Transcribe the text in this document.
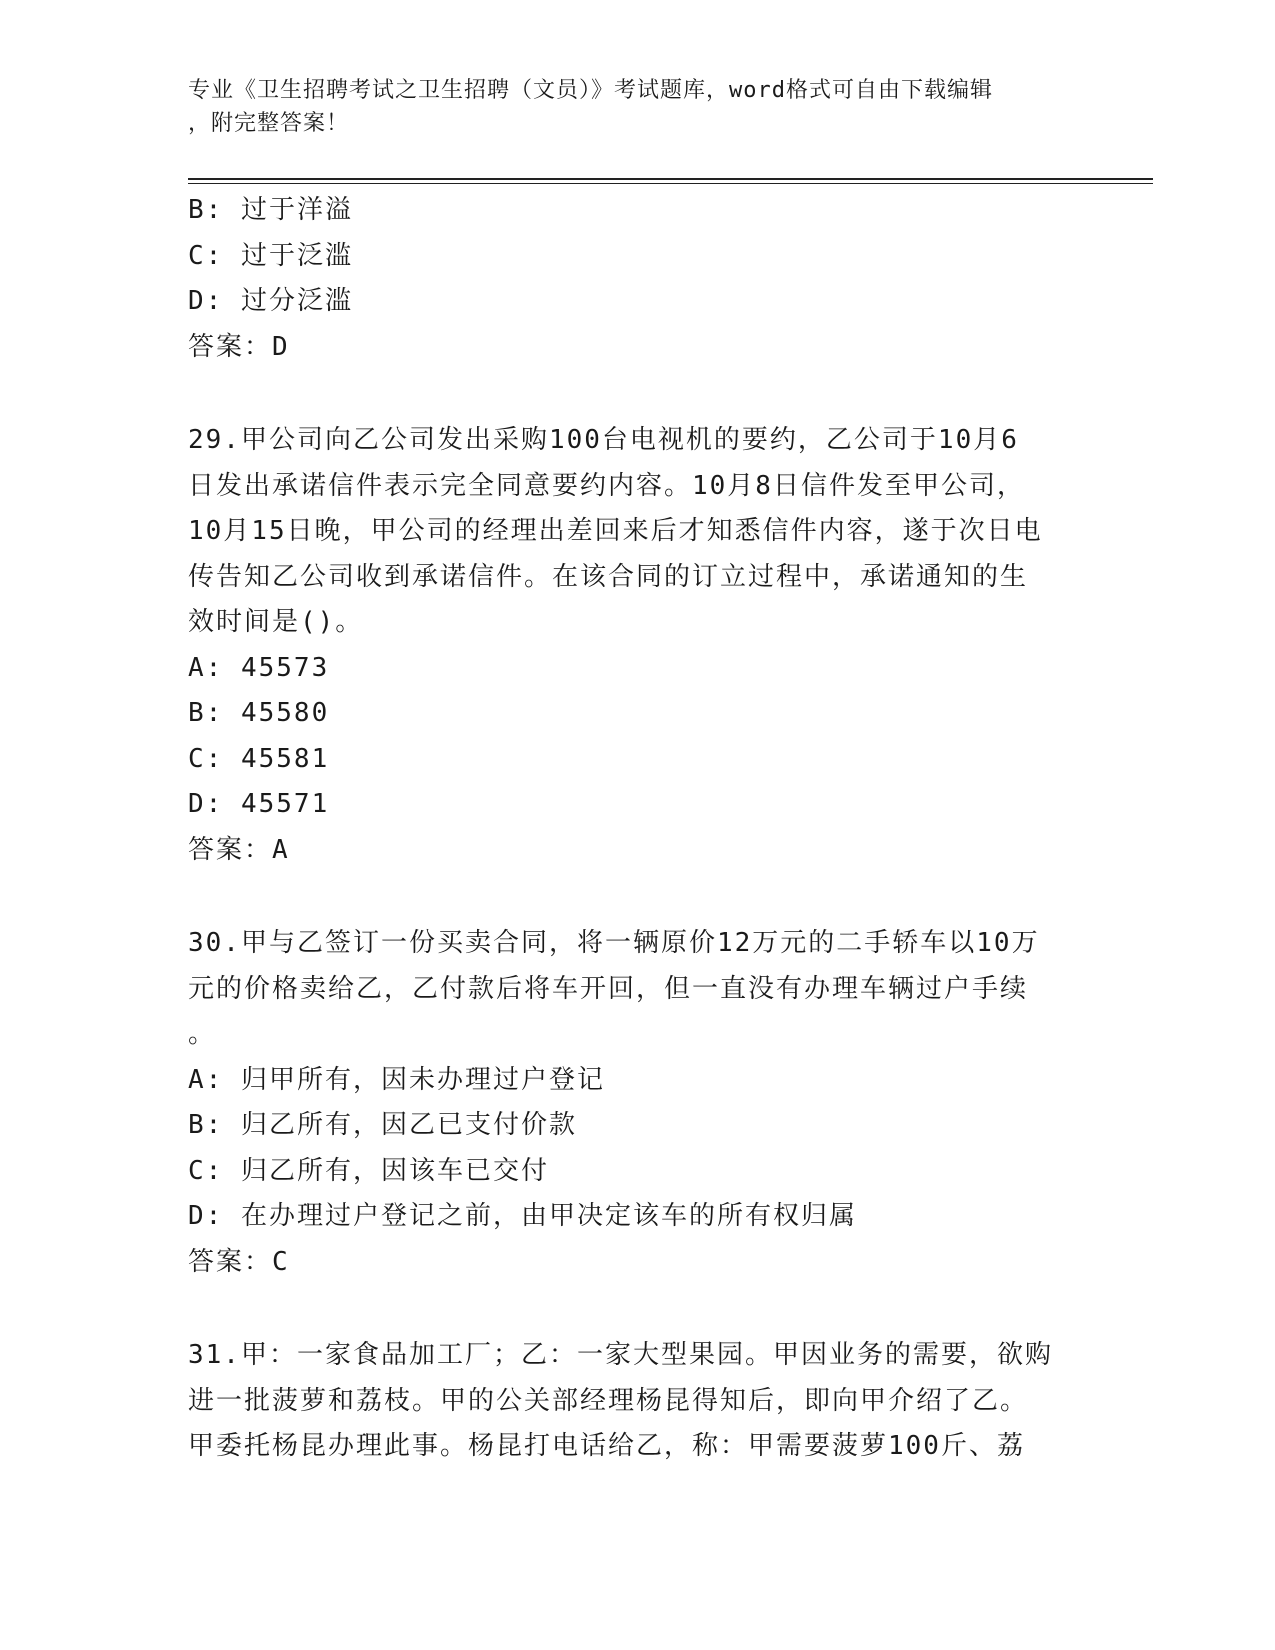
专业《卫生招聘考试之卫生招聘（文员）》考试题库，word格式可自由下载编辑
，附完整答案！
B: 过于洋溢
C: 过于泛滥
D: 过分泛滥
答案：D
29.甲公司向乙公司发出采购100台电视机的要约，乙公司于10月6
日发出承诺信件表示完全同意要约内容。10月8日信件发至甲公司，
10月15日晚，甲公司的经理出差回来后才知悉信件内容，遂于次日电
传告知乙公司收到承诺信件。在该合同的订立过程中，承诺通知的生
效时间是()。
A: 45573
B: 45580
C: 45581
D: 45571
答案：A
30.甲与乙签订一份买卖合同，将一辆原价12万元的二手轿车以10万
元的价格卖给乙，乙付款后将车开回，但一直没有办理车辆过户手续
。
A: 归甲所有，因未办理过户登记
B: 归乙所有，因乙已支付价款
C: 归乙所有，因该车已交付
D: 在办理过户登记之前，由甲决定该车的所有权归属
答案：C
31.甲：一家食品加工厂；乙：一家大型果园。甲因业务的需要，欲购
进一批菠萝和荔枝。甲的公关部经理杨昆得知后，即向甲介绍了乙。
甲委托杨昆办理此事。杨昆打电话给乙，称：甲需要菠萝100斤、荔
